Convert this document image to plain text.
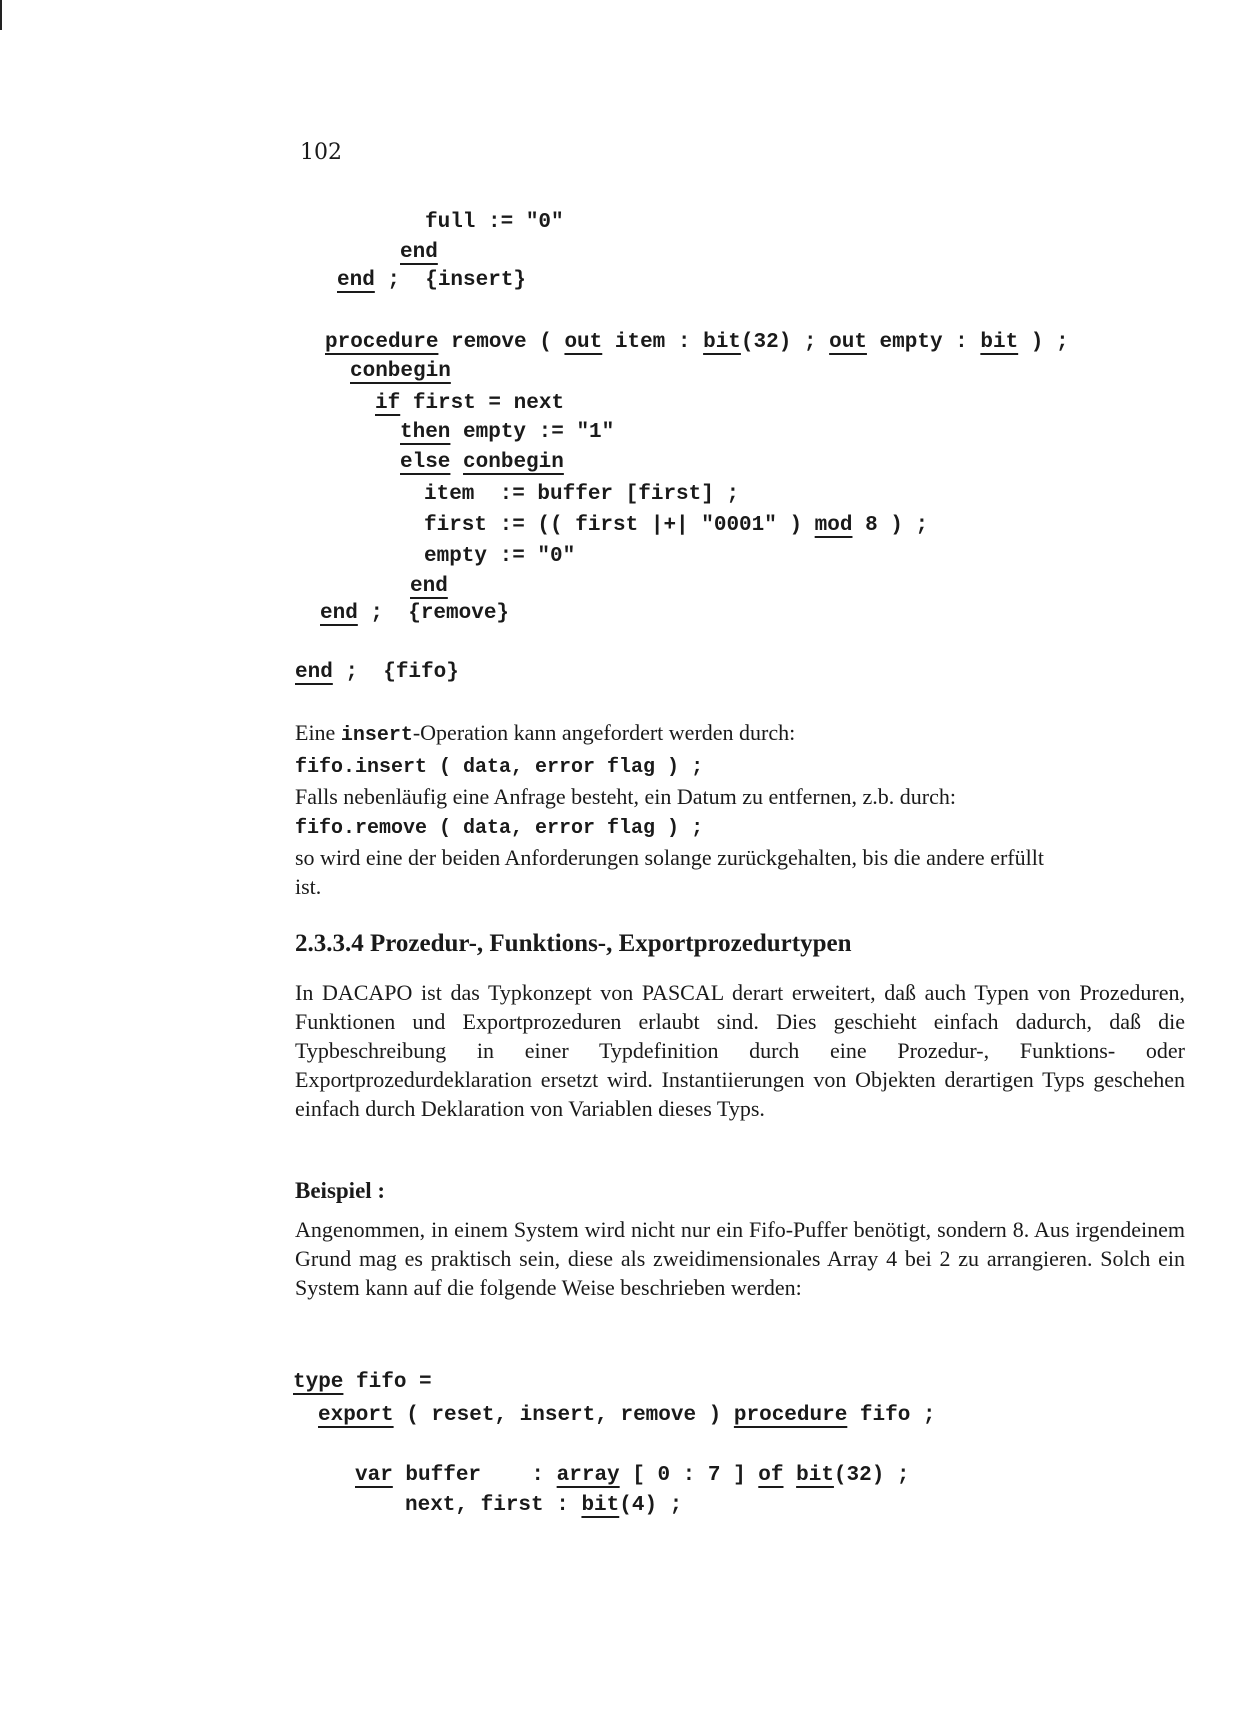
102
full := "0"
end
end ;  {insert}
procedure remove ( out item : bit(32) ; out empty : bit ) ;
conbegin
if first = next
then empty := "1"
else conbegin
item  := buffer [first] ;
first := (( first |+| "0001" ) mod 8 ) ;
empty := "0"
end
end ;  {remove}
end ;  {fifo}

Eine insert-Operation kann angefordert werden durch:

fifo.insert ( data, error flag ) ;

Falls nebenläufig eine Anfrage besteht, ein Datum zu entfernen, z.b. durch:

fifo.remove ( data, error flag ) ;

so wird eine der beiden Anforderungen solange zurückgehalten, bis die andere erfüllt

ist.

2.3.3.4 Prozedur-, Funktions-, Exportprozedurtypen

In DACAPO ist das Typkonzept von PASCAL derart erweitert, daß auch Typen von Prozeduren, Funktionen und Exportprozeduren erlaubt sind. Dies geschieht einfach dadurch, daß die Typbeschreibung in einer Typdefinition durch eine Prozedur-, Funktions- oder Exportprozedurdeklaration ersetzt wird. Instantiierungen von Objekten derartigen Typs geschehen einfach durch Deklaration von Variablen dieses Typs.

Beispiel :

Angenommen, in einem System wird nicht nur ein Fifo-Puffer benötigt, sondern 8. Aus irgendeinem Grund mag es praktisch sein, diese als zweidimensionales Array 4 bei 2 zu arrangieren. Solch ein System kann auf die folgende Weise beschrieben werden:

type fifo =
export ( reset, insert, remove ) procedure fifo ;
var buffer    : array [ 0 : 7 ] of bit(32) ;
next, first : bit(4) ;
